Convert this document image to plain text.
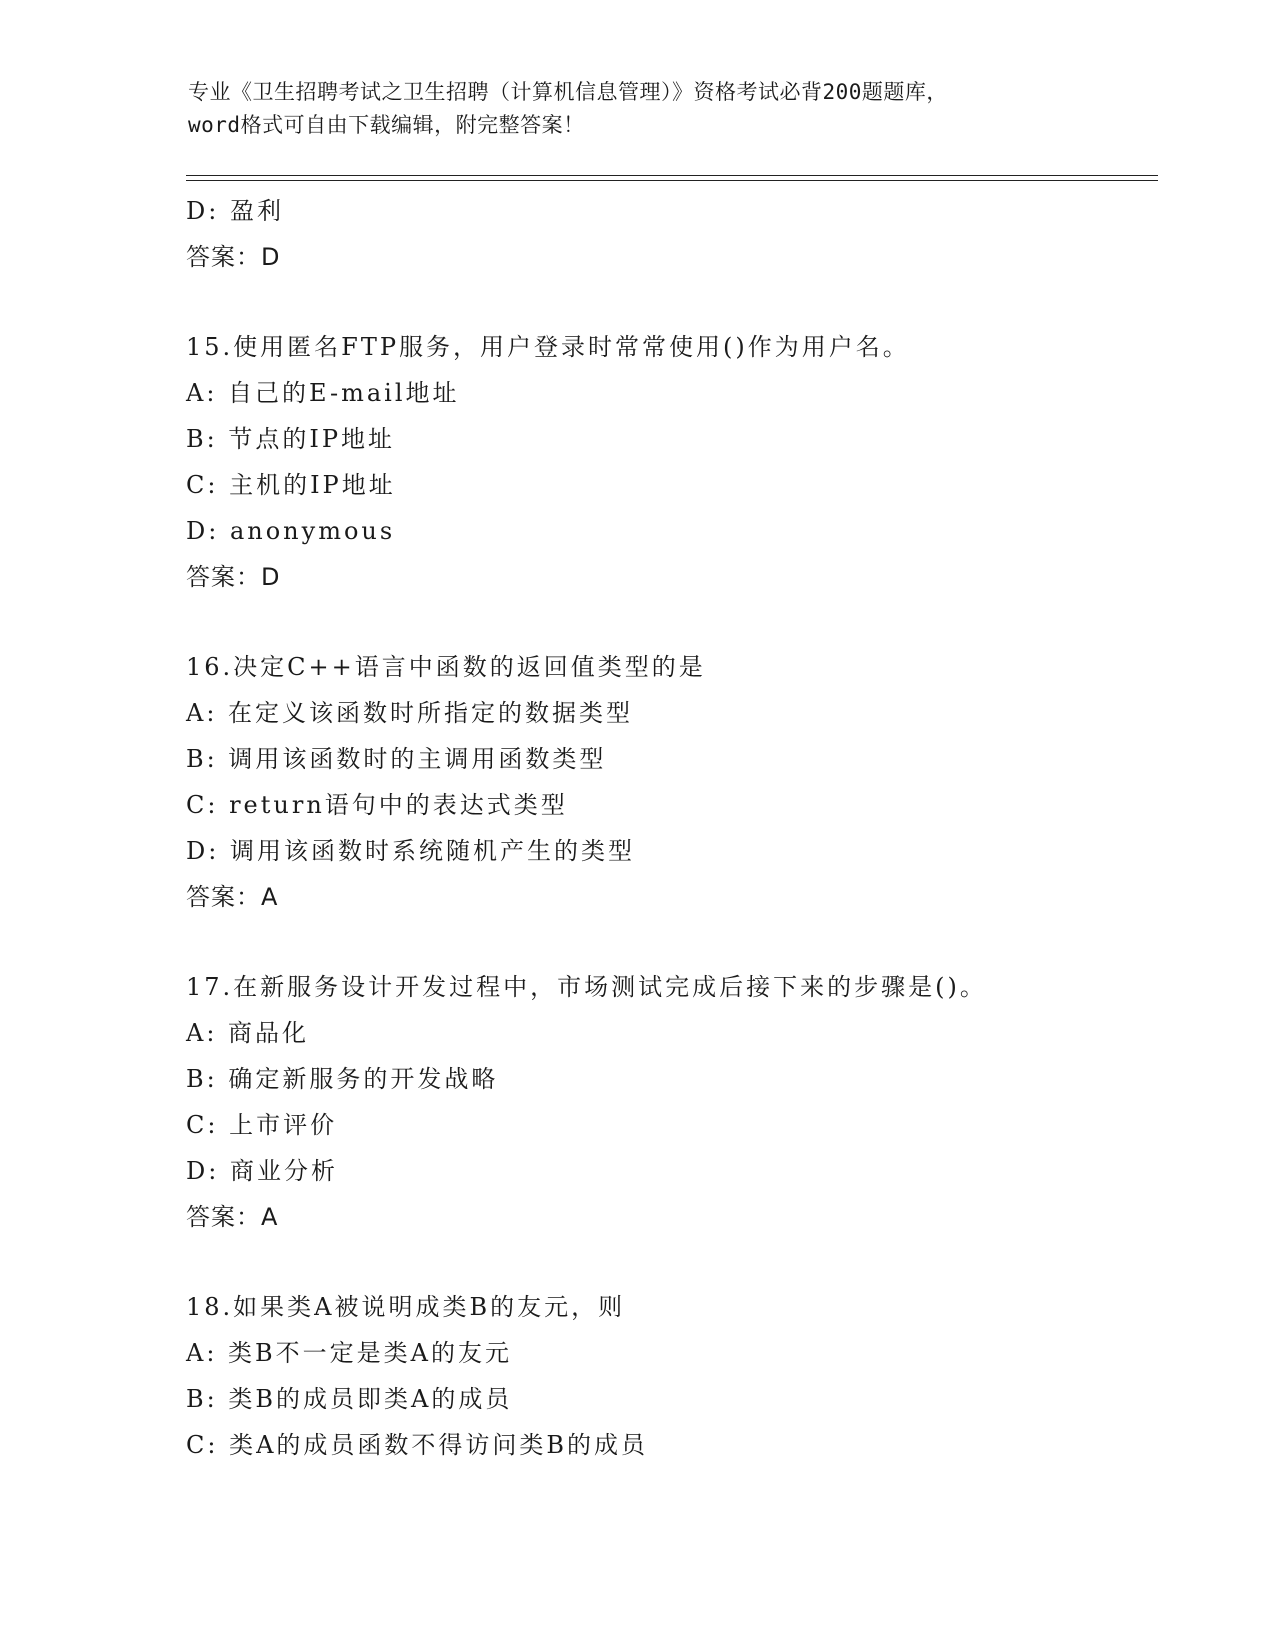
专业《卫生招聘考试之卫生招聘（计算机信息管理）》资格考试必背200题题库，
word格式可自由下载编辑，附完整答案！
D: 盈利
答案：D
15.使用匿名FTP服务，用户登录时常常使用()作为用户名。
A: 自己的E-mail地址
B: 节点的IP地址
C: 主机的IP地址
D: anonymous
答案：D
16.决定C++语言中函数的返回值类型的是
A: 在定义该函数时所指定的数据类型
B: 调用该函数时的主调用函数类型
C: return语句中的表达式类型
D: 调用该函数时系统随机产生的类型
答案：A
17.在新服务设计开发过程中，市场测试完成后接下来的步骤是()。
A: 商品化
B: 确定新服务的开发战略
C: 上市评价
D: 商业分析
答案：A
18.如果类A被说明成类B的友元，则
A: 类B不一定是类A的友元
B: 类B的成员即类A的成员
C: 类A的成员函数不得访问类B的成员
